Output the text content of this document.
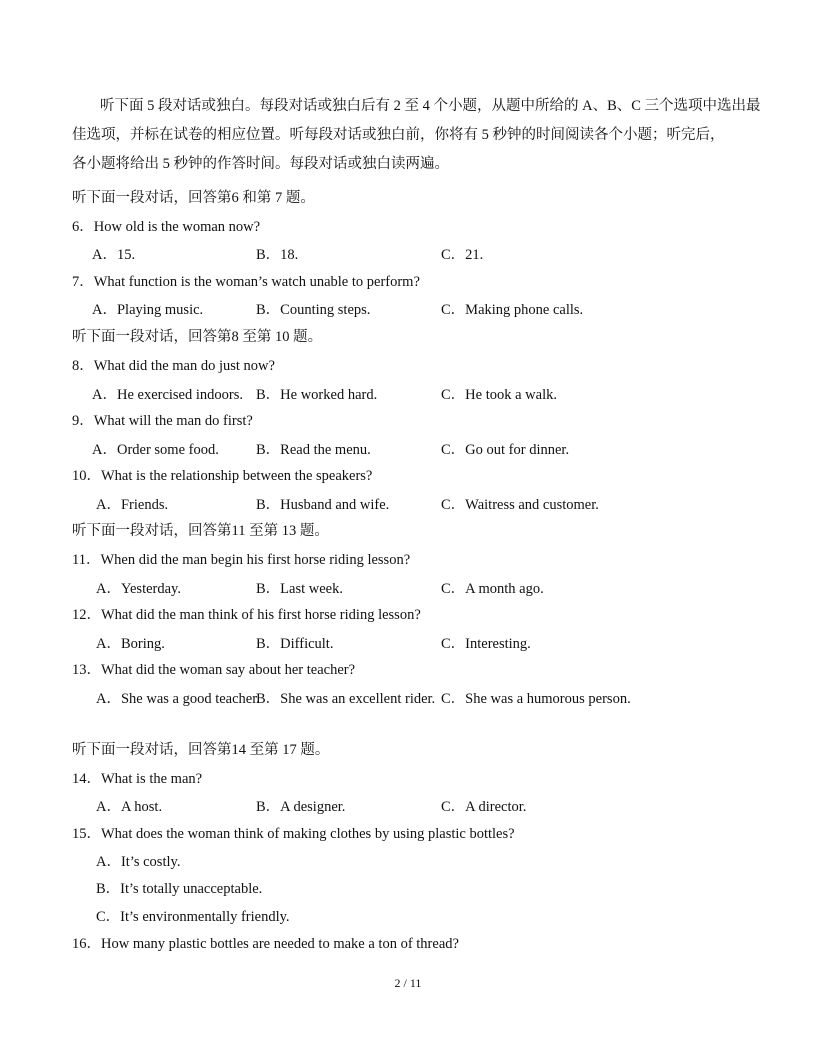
听下面 5 段对话或独白。每段对话或独白后有 2 至 4 个小题，从题中所给的 A、B、C 三个选项中选出最
佳选项，并标在试卷的相应位置。听每段对话或独白前，你将有 5 秒钟的时间阅读各个小题；听完后，
各小题将给出 5 秒钟的作答时间。每段对话或独白读两遍。
听下面一段对话，回答第6 和第 7 题。
6．How old is the woman now?
A．15.	B．18.	C．21.
7．What function is the woman’s watch unable to perform?
A．Playing music.	B．Counting steps.	C．Making phone calls.
听下面一段对话，回答第8 至第 10 题。
8．What did the man do just now?
A．He exercised indoors. B．He worked hard.	C．He took a walk.
9．What will the man do first?
A．Order some food.	B．Read the menu.	C．Go out for dinner.
10．What is the relationship between the speakers?
A．Friends.	B．Husband and wife.	C．Waitress and customer.
听下面一段对话，回答第11 至第 13 题。
11．When did the man begin his first horse riding lesson?
A．Yesterday.	B．Last week.	C．A month ago.
12．What did the man think of his first horse riding lesson?
A．Boring.	B．Difficult.	C．Interesting.
13．What did the woman say about her teacher?
A．She was a good teacher.
B．She was an excellent rider. C．She was a humorous person.
听下面一段对话，回答第14 至第 17 题。
14．What is the man?
A．A host.	B．A designer.	C．A director.
15．What does the woman think of making clothes by using plastic bottles?
A．It’s costly.
B．It’s totally unacceptable.
C．It’s environmentally friendly.
16．How many plastic bottles are needed to make a ton of thread?
2 / 11
